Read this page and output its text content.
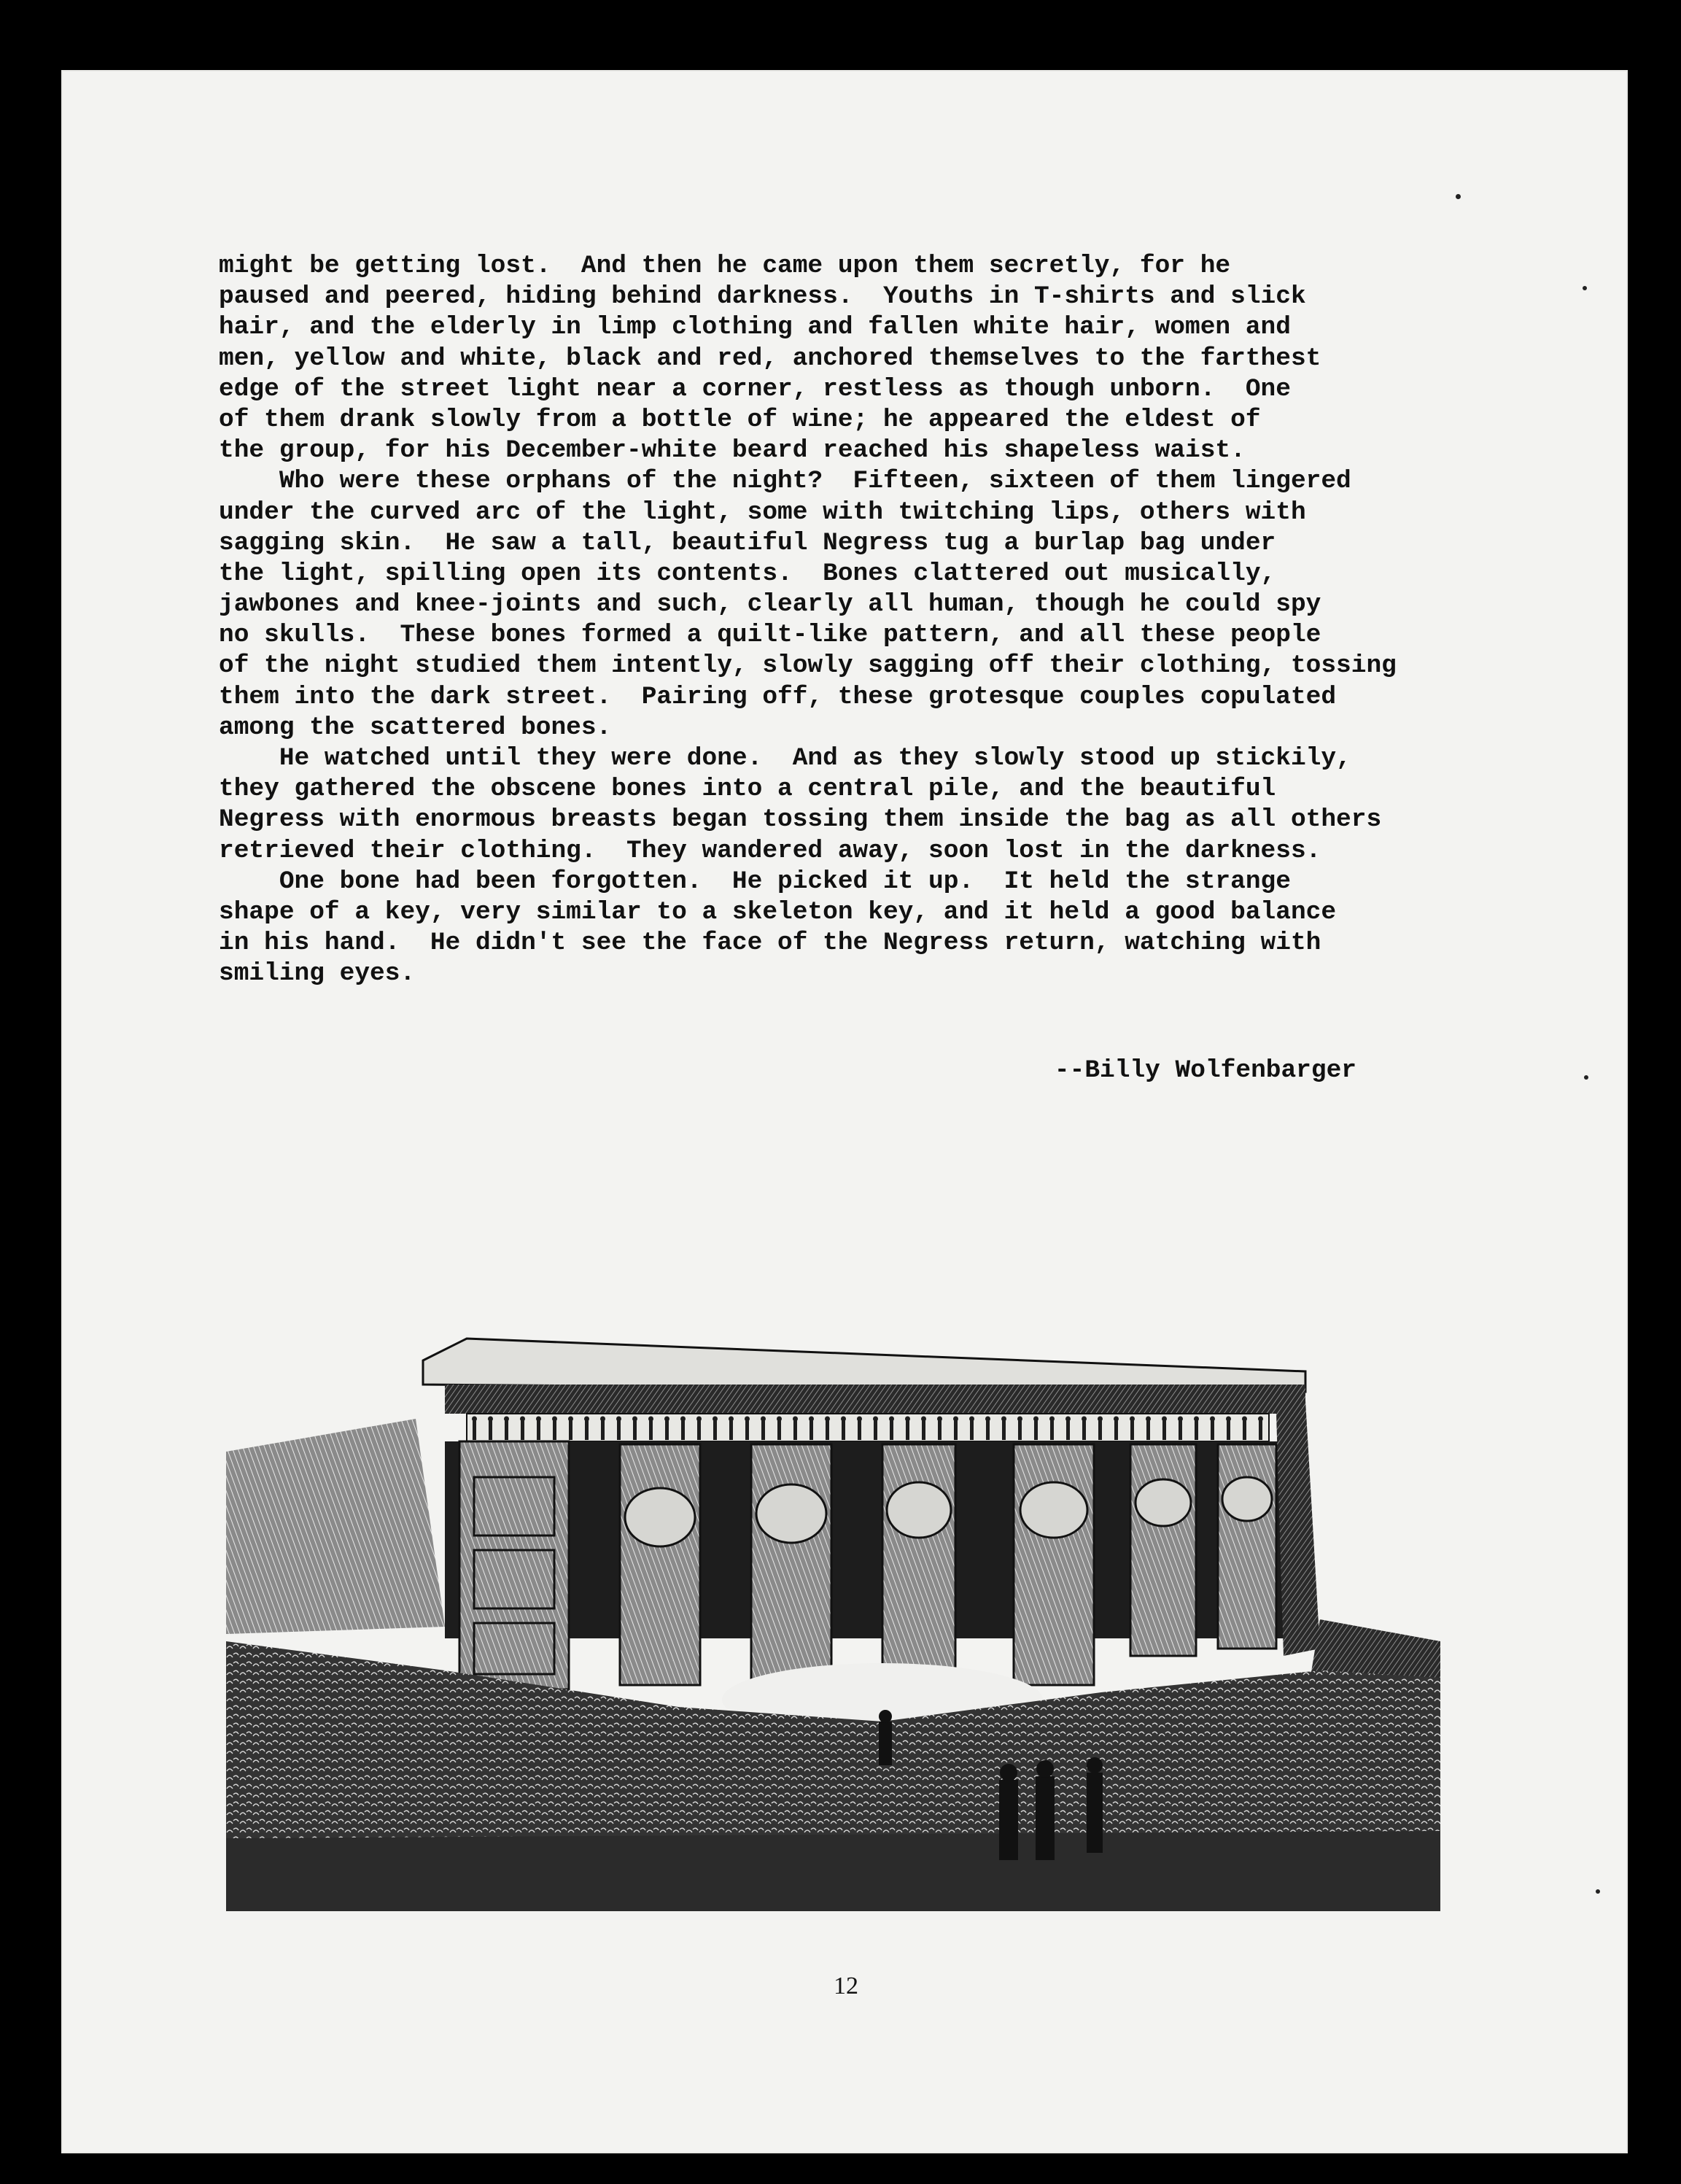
might be getting lost.  And then he came upon them secretly, for he
paused and peered, hiding behind darkness.  Youths in T-shirts and slick
hair, and the elderly in limp clothing and fallen white hair, women and
men, yellow and white, black and red, anchored themselves to the farthest
edge of the street light near a corner, restless as though unborn.  One
of them drank slowly from a bottle of wine; he appeared the eldest of
the group, for his December-white beard reached his shapeless waist.
Who were these orphans of the night?  Fifteen, sixteen of them lingered
under the curved arc of the light, some with twitching lips, others with
sagging skin.  He saw a tall, beautiful Negress tug a burlap bag under
the light, spilling open its contents.  Bones clattered out musically,
jawbones and knee-joints and such, clearly all human, though he could spy
no skulls.  These bones formed a quilt-like pattern, and all these people
of the night studied them intently, slowly sagging off their clothing, tossing
them into the dark street.  Pairing off, these grotesque couples copulated
among the scattered bones.
He watched until they were done.  And as they slowly stood up stickily,
they gathered the obscene bones into a central pile, and the beautiful
Negress with enormous breasts began tossing them inside the bag as all others
retrieved their clothing.  They wandered away, soon lost in the darkness.
One bone had been forgotten.  He picked it up.  It held the strange
shape of a key, very similar to a skeleton key, and it held a good balance
in his hand.  He didn't see the face of the Negress return, watching with
smiling eyes.
--Billy Wolfenbarger
12
